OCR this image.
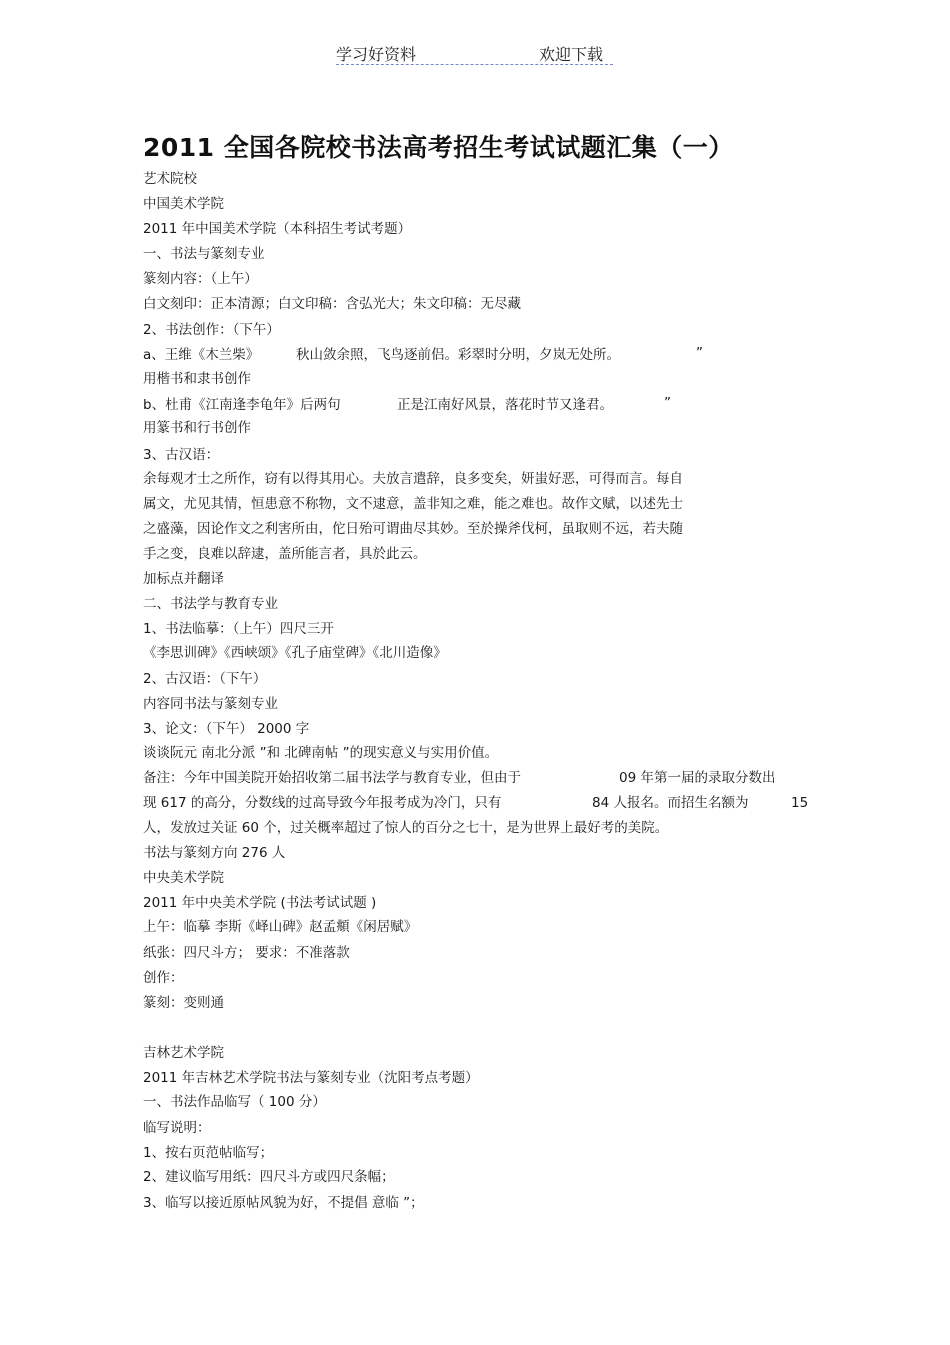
学习好资料	欢迎下载
2011 全国各院校书法高考招生考试试题汇集（一）
艺术院校
中国美术学院
2011 年中国美术学院（本科招生考试考题）
一、书法与篆刻专业
篆刻内容：（上午）
白文刻印：正本清源；白文印稿：含弘光大；朱文印稿：无尽藏
2、书法创作：（下午）
a、王维《木兰柴》	秋山敛余照，飞鸟逐前侣。彩翠时分明，夕岚无处所。	”
用楷书和隶书创作
b、杜甫《江南逢李龟年》后两句	正是江南好风景，落花时节又逢君。	”
用篆书和行书创作
3、古汉语：
余每观才士之所作，窃有以得其用心。夫放言遣辞，良多变矣，妍蚩好恶，可得而言。每自
属文，尤见其情，恒患意不称物，文不逮意，盖非知之难，能之难也。故作文赋，以述先士
之盛藻，因论作文之利害所由，佗日殆可谓曲尽其妙。至於操斧伐柯，虽取则不远，若夫随
手之变，良难以辞逮，盖所能言者，具於此云。
加标点并翻译
二、书法学与教育专业
1、书法临摹：（上午）四尺三开
《李思训碑》《西峡颂》《孔子庙堂碑》《北川造像》
2、古汉语：（下午）
内容同书法与篆刻专业
3、论文：（下午） 2000 字
谈谈阮元 南北分派 ”和 北碑南帖 ”的现实意义与实用价值。
备注：今年中国美院开始招收第二届书法学与教育专业，但由于	09 年第一届的录取分数出
现 617 的高分，分数线的过高导致今年报考成为冷门，只有	84 人报名。而招生名额为	15
人，发放过关证 60 个，过关概率超过了惊人的百分之七十，是为世界上最好考的美院。
书法与篆刻方向 276 人
中央美术学院
2011 年中央美术学院 (书法考试试题 )
上午：临摹 李斯《峄山碑》赵孟頫《闲居赋》
纸张：四尺斗方； 要求：不准落款
创作：
篆刻：变则通
吉林艺术学院
2011 年吉林艺术学院书法与篆刻专业（沈阳考点考题）
一、书法作品临写（ 100 分）
临写说明：
1、按右页范帖临写；
2、建议临写用纸：四尺斗方或四尺条幅；
3、临写以接近原帖风貌为好，不提倡 意临 ”；
